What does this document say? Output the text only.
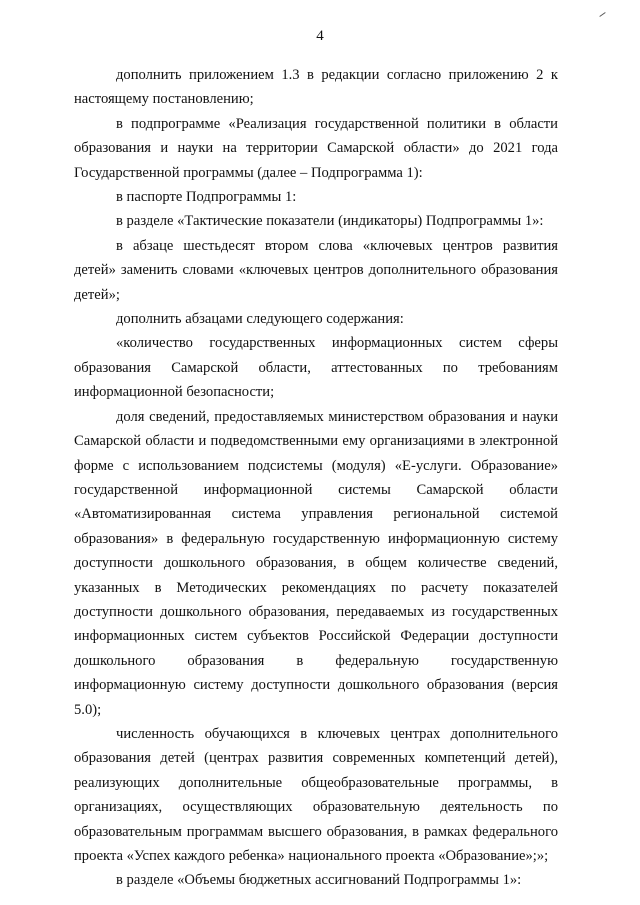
4

дополнить приложением 1.3 в редакции согласно приложению 2 к настоящему постановлению;

в подпрограмме «Реализация государственной политики в области образования и науки на территории Самарской области» до 2021 года Государственной программы (далее – Подпрограмма 1):

в паспорте Подпрограммы 1:

в разделе «Тактические показатели (индикаторы) Подпрограммы 1»:

в абзаце шестьдесят втором слова «ключевых центров развития детей» заменить словами «ключевых центров дополнительного образования детей»;

дополнить абзацами следующего содержания:

«количество государственных информационных систем сферы образования Самарской области, аттестованных по требованиям информационной безопасности;

доля сведений, предоставляемых министерством образования и науки Самарской области и подведомственными ему организациями в электронной форме с использованием подсистемы (модуля) «Е-услуги. Образование» государственной информационной системы Самарской области «Автоматизированная система управления региональной системой образования» в федеральную государственную информационную систему доступности дошкольного образования, в общем количестве сведений, указанных в Методических рекомендациях по расчету показателей доступности дошкольного образования, передаваемых из государственных информационных систем субъектов Российской Федерации доступности дошкольного образования в федеральную государственную информационную систему доступности дошкольного образования (версия 5.0);

численность обучающихся в ключевых центрах дополнительного образования детей (центрах развития современных компетенций детей), реализующих дополнительные общеобразовательные программы, в организациях, осуществляющих образовательную деятельность по образовательным программам высшего образования, в рамках федерального проекта «Успех каждого ребенка» национального проекта «Образование»;»;

в разделе «Объемы бюджетных ассигнований Подпрограммы 1»:
